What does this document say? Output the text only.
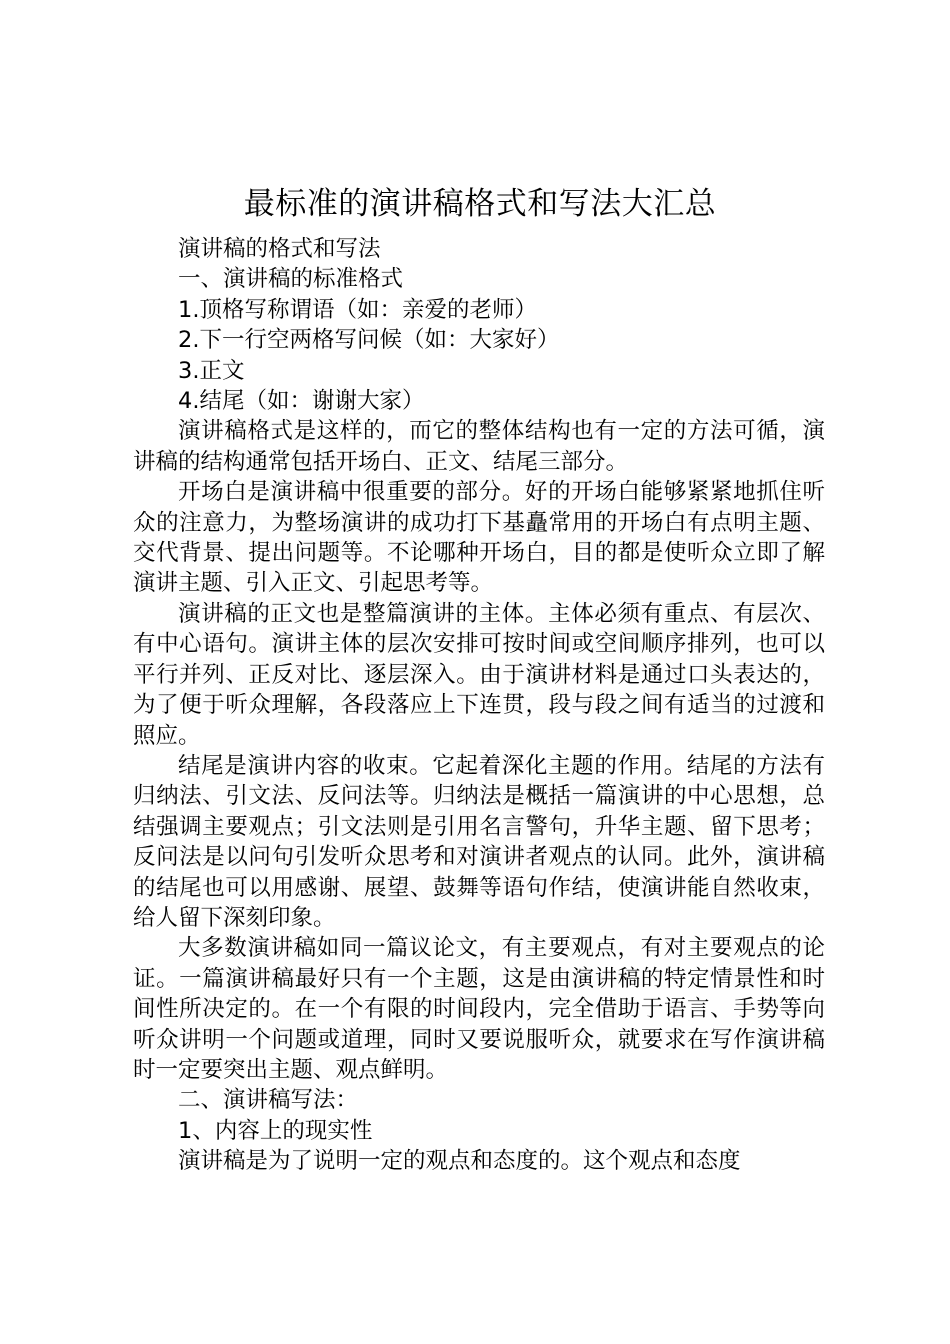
最标准的演讲稿格式和写法大汇总

演讲稿的格式和写法

一、演讲稿的标准格式

1.顶格写称谓语（如：亲爱的老师）

2.下一行空两格写问候（如：大家好）

3.正文

4.结尾（如：谢谢大家）

演讲稿格式是这样的，而它的整体结构也有一定的方法可循，演讲稿的结构通常包括开场白、正文、结尾三部分。

开场白是演讲稿中很重要的部分。好的开场白能够紧紧地抓住听众的注意力，为整场演讲的成功打下基矗常用的开场白有点明主题、交代背景、提出问题等。不论哪种开场白，目的都是使听众立即了解演讲主题、引入正文、引起思考等。

演讲稿的正文也是整篇演讲的主体。主体必须有重点、有层次、有中心语句。演讲主体的层次安排可按时间或空间顺序排列，也可以平行并列、正反对比、逐层深入。由于演讲材料是通过口头表达的，为了便于听众理解，各段落应上下连贯，段与段之间有适当的过渡和照应。

结尾是演讲内容的收束。它起着深化主题的作用。结尾的方法有归纳法、引文法、反问法等。归纳法是概括一篇演讲的中心思想，总结强调主要观点；引文法则是引用名言警句，升华主题、留下思考；反问法是以问句引发听众思考和对演讲者观点的认同。此外，演讲稿的结尾也可以用感谢、展望、鼓舞等语句作结，使演讲能自然收束，给人留下深刻印象。

大多数演讲稿如同一篇议论文，有主要观点，有对主要观点的论证。一篇演讲稿最好只有一个主题，这是由演讲稿的特定情景性和时间性所决定的。在一个有限的时间段内，完全借助于语言、手势等向听众讲明一个问题或道理，同时又要说服听众，就要求在写作演讲稿时一定要突出主题、观点鲜明。

二、演讲稿写法：

1、内容上的现实性

演讲稿是为了说明一定的观点和态度的。这个观点和态度
